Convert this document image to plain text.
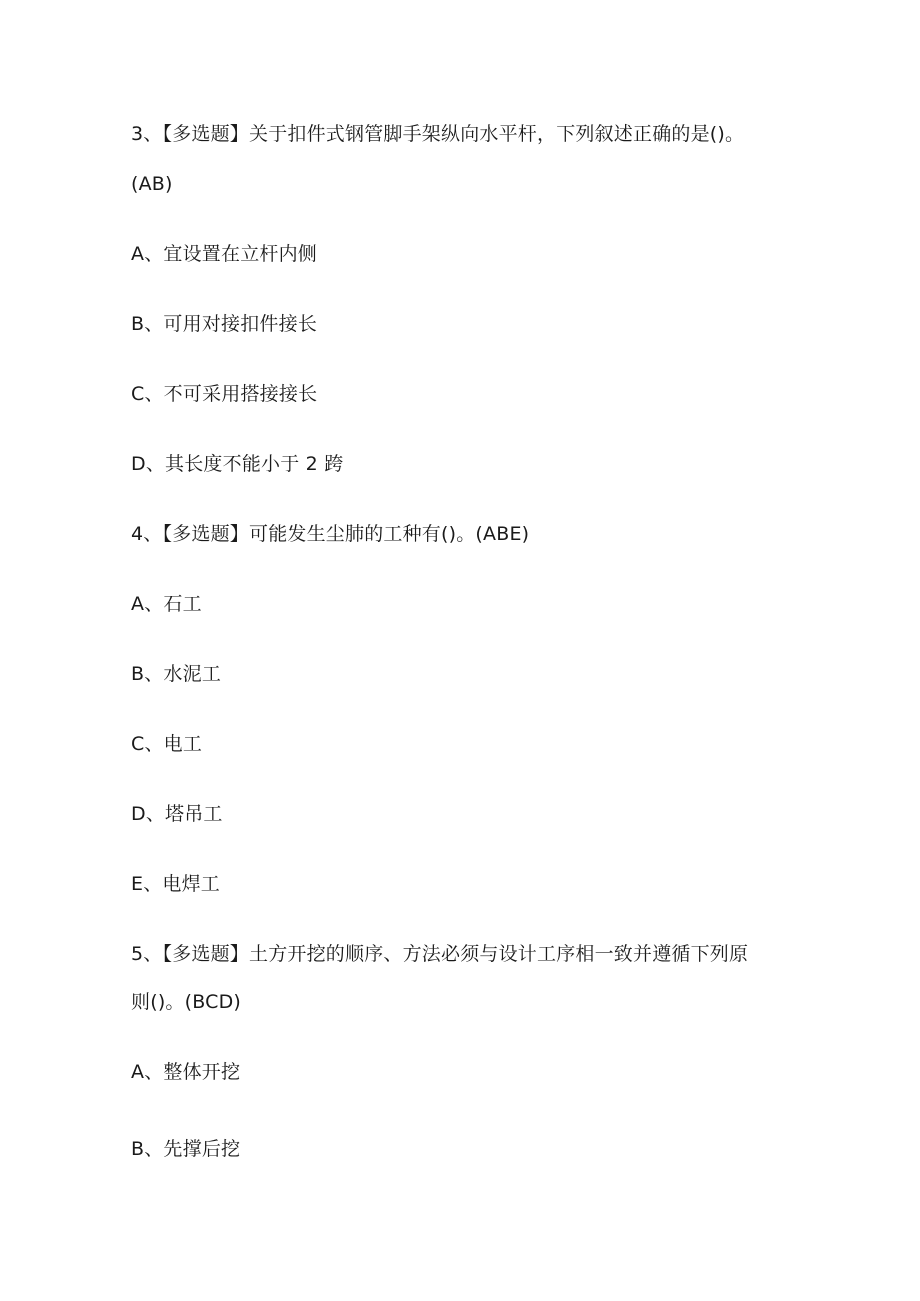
3、【多选题】关于扣件式钢管脚手架纵向水平杆，下列叙述正确的是()。
(AB)
A、宜设置在立杆内侧
B、可用对接扣件接长
C、不可采用搭接接长
D、其长度不能小于 2 跨
4、【多选题】可能发生尘肺的工种有()。(ABE)
A、石工
B、水泥工
C、电工
D、塔吊工
E、电焊工
5、【多选题】土方开挖的顺序、方法必须与设计工序相一致并遵循下列原
则()。(BCD)
A、整体开挖
B、先撑后挖
